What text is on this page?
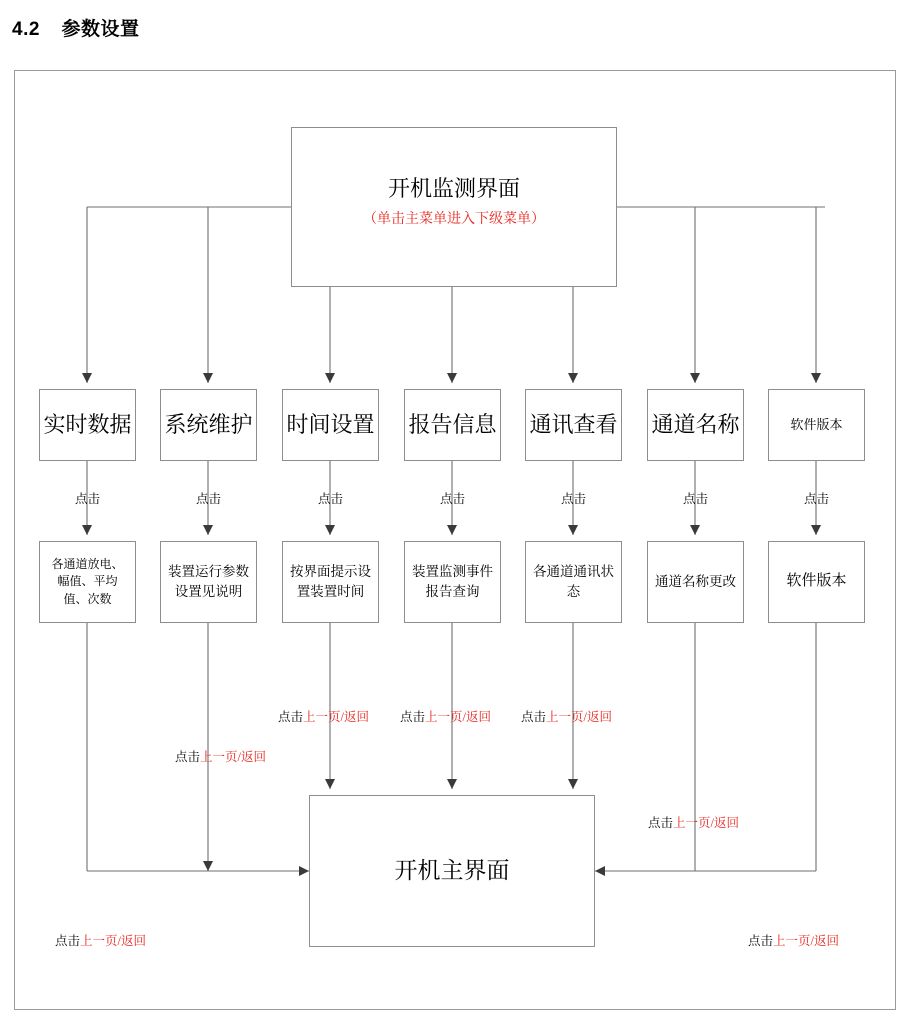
4.2 参数设置
开机监测界面
（单击主菜单进入下级菜单）
实时数据 系统维护 时间设置 报告信息 通讯查看 通道名称	软件版本
点击	点击	点击	点击	点击	点击	点击
各通道放电、幅值、平均值、次数
装置运行参数设置见说明
按界面提示设置装置时间
装置监测事件报告查询
各通道通讯状态
通道名称更改	软件版本
点击上一页/返回
点击上一页/返回
点击上一页/返回 点击上一页/返回 点击上一页/返回
点击上一页/返回
点击上一页/返回
开机主界面
